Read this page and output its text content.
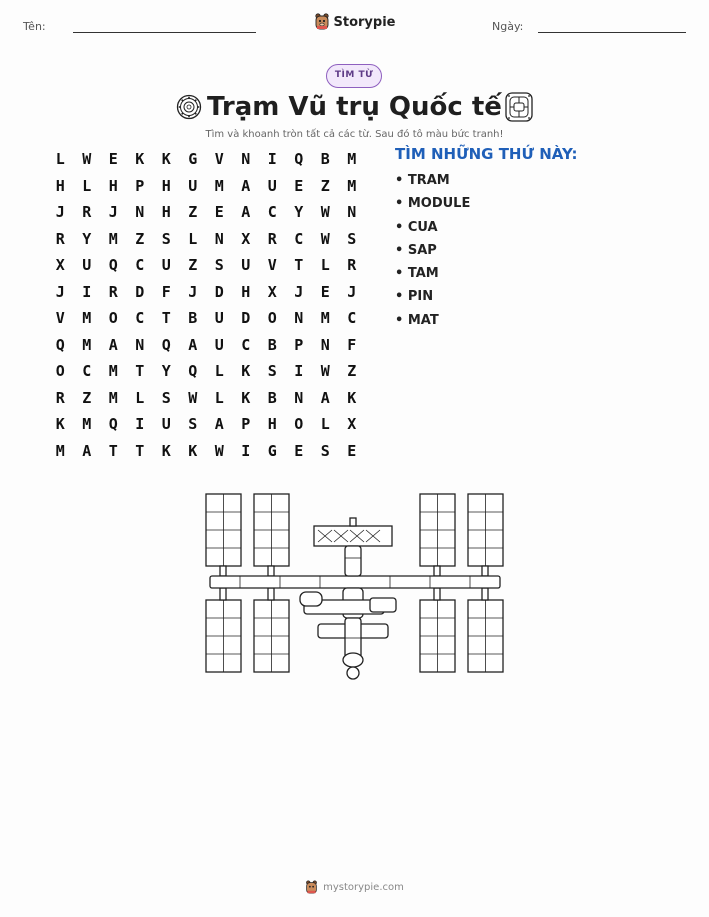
Tên:	Ngày:
Storypie
TÌM TỪ
Trạm Vũ trụ Quốc tế
Tìm và khoanh tròn tất cả các từ. Sau đó tô màu bức tranh!
L	W	E	K	K	G	V	N	I	Q	B	M
H	L	H	P	H	U	M	A	U	E	Z	M
J	R	J	N	H	Z	E	A	C	Y	W	N
R	Y	M	Z	S	L	N	X	R	C	W	S
X	U	Q	C	U	Z	S	U	V	T	L	R
J	I	R	D	F	J	D	H	X	J	E	J
V	M	O	C	T	B	U	D	O	N	M	C
Q	M	A	N	Q	A	U	C	B	P	N	F
O	C	M	T	Y	Q	L	K	S	I	W	Z
R	Z	M	L	S	W	L	K	B	N	A	K
K	M	Q	I	U	S	A	P	H	O	L	X
M	A	T	T	K	K	W	I	G	E	S	E
TÌM NHỮNG THỨ NÀY:
• TRAM
• MODULE
• CUA
• SAP
• TAM
• PIN
• MAT
mystorypie.com
